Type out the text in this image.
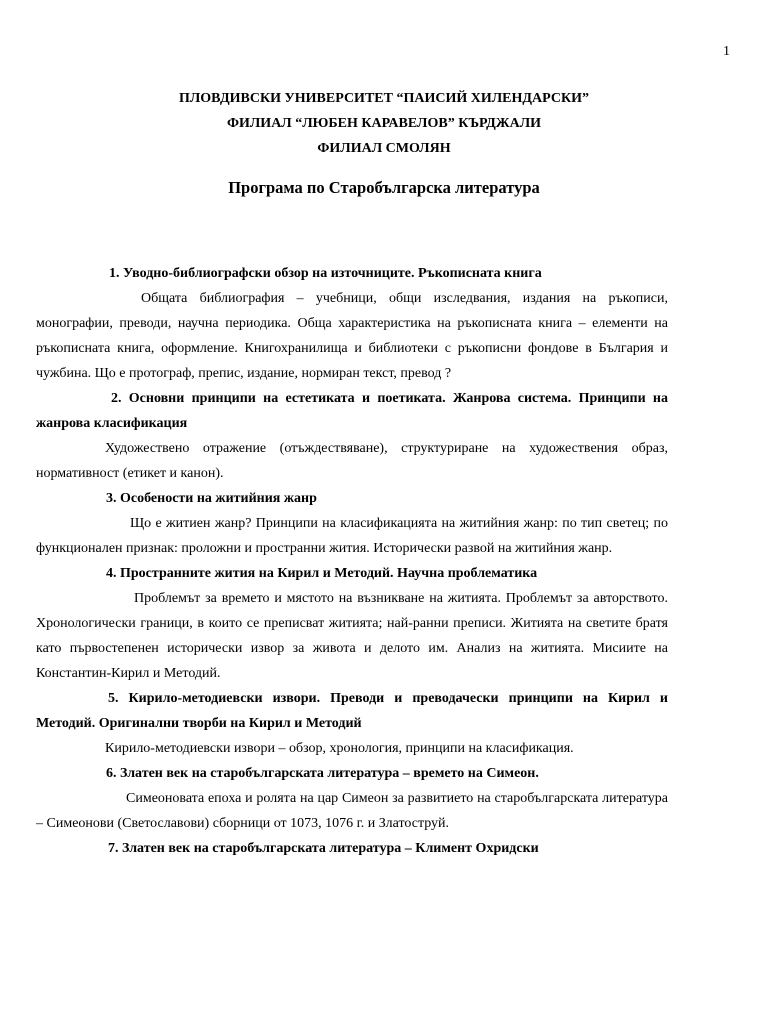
1

ПЛОВДИВСКИ УНИВЕРСИТЕТ “ПАИСИЙ ХИЛЕНДАРСКИ”

ФИЛИАЛ “ЛЮБЕН КАРАВЕЛОВ” КЪРДЖАЛИ

ФИЛИАЛ СМОЛЯН

Програма по Старобългарска литература

1. Уводно-библиографски обзор на източниците. Ръкописната книга

Общата библиография – учебници, общи изследвания, издания на ръкописи, монографии, преводи, научна периодика. Обща характеристика на ръкописната книга – елементи на ръкописната книга, оформление. Книгохранилища и библиотеки с ръкописни фондове в България и чужбина. Що е протограф, препис, издание, нормиран текст, превод ?

2. Основни принципи на естетиката и поетиката. Жанрова система. Принципи на жанрова класификация

Художествено отражение (отъждествяване), структуриране на художествения образ, нормативност (етикет и канон).

3. Особености на житийния жанр

Що е житиен жанр? Принципи на класификацията на житийния жанр: по тип светец; по функционален признак: проложни и пространни жития. Исторически развой на житийния жанр.

4. Пространните жития на Кирил и Методий. Научна проблематика

Проблемът за времето и мястото на възникване на житията. Проблемът за авторството. Хронологически граници, в които се преписват житията; най-ранни преписи. Житията на светите братя като първостепенен исторически извор за живота и делото им. Анализ на житията. Мисиите на Константин-Кирил и Методий.

5. Кирило-методиевски извори. Преводи и преводачески принципи на Кирил и Методий. Оригинални творби на Кирил и Методий

Кирило-методиевски извори – обзор, хронология, принципи на класификация.

6. Златен век на старобългарската литература – времето на Симеон.

Симеоновата епоха и ролята на цар Симеон за развитието на старобългарската литература – Симеонови (Светославови) сборници от 1073, 1076 г. и Златоструй.

7. Златен век на старобългарската литература – Климент Охридски
